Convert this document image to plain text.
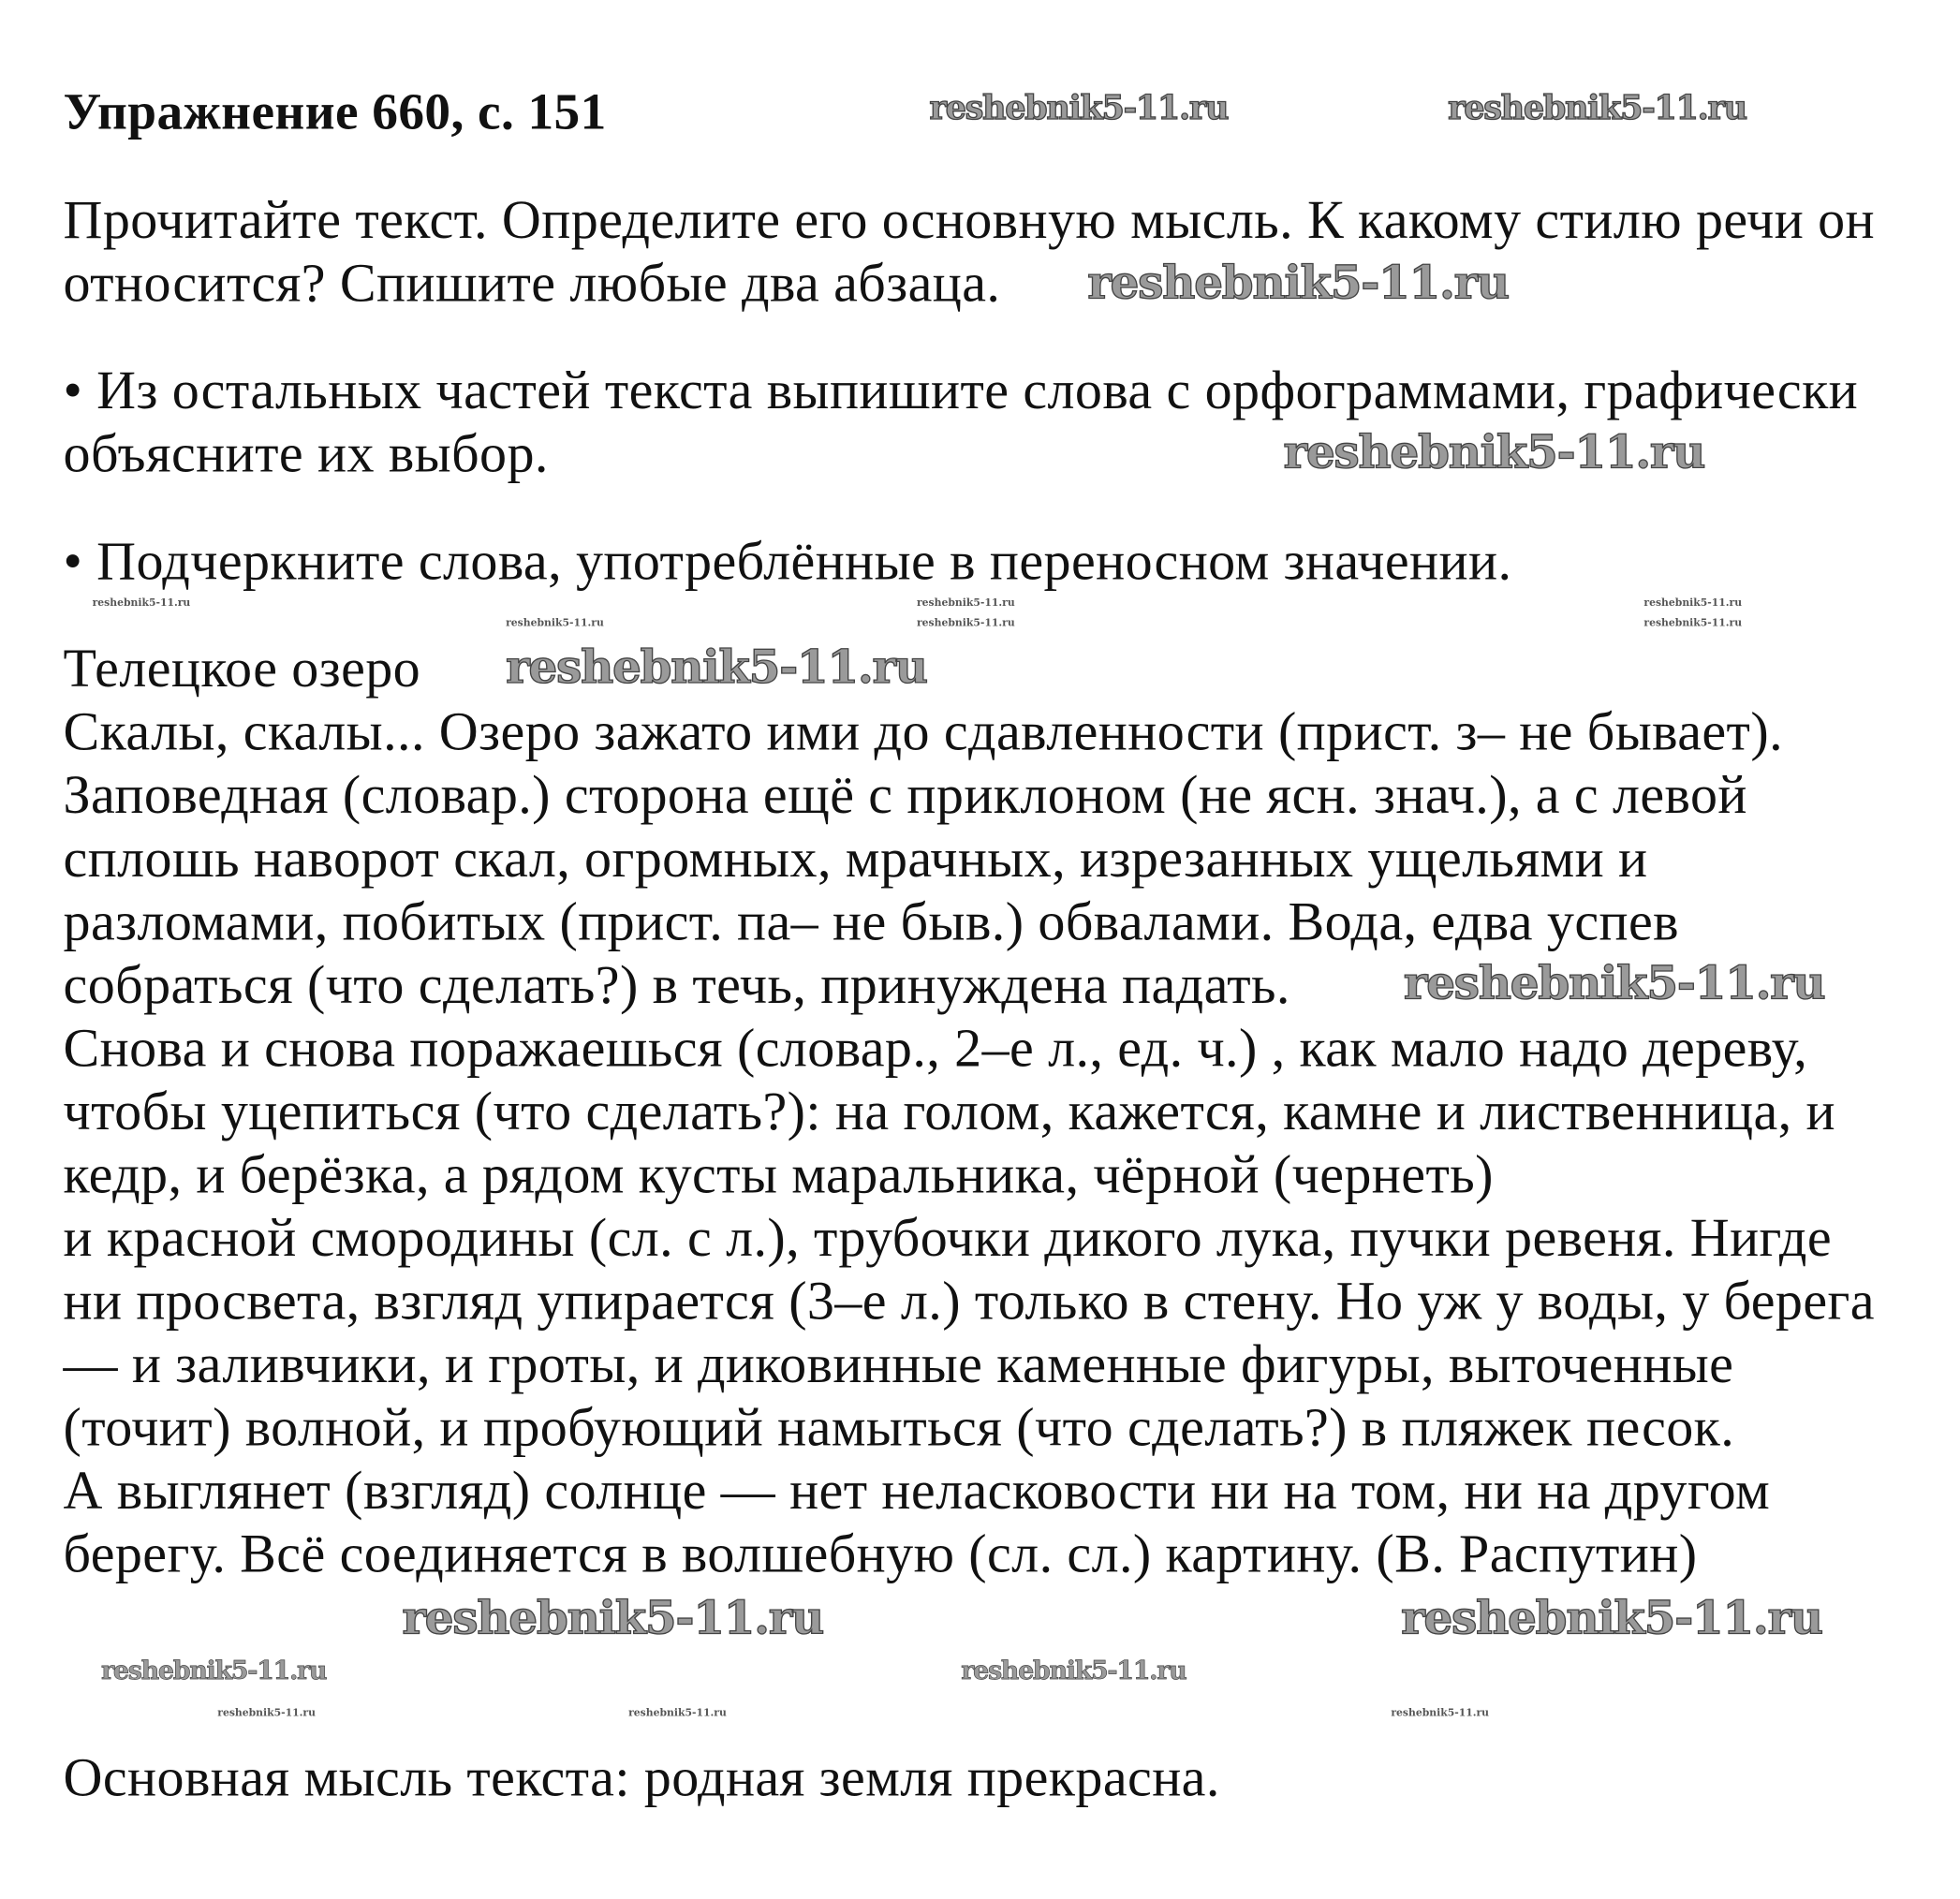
Упражнение 660, с. 151
Прочитайте текст. Определите его основную мысль. К какому стилю речи он
относится? Спишите любые два абзаца.
• Из остальных частей текста выпишите слова с орфограммами, графически
объясните их выбор.
• Подчеркните слова, употреблённые в переносном значении.
Телецкое озеро
Скалы, скалы... Озеро зажато ими до сдавленности (прист. з– не бывает).
Заповедная (словар.) сторона ещё с приклоном (не ясн. знач.), а с левой
сплошь наворот скал, огромных, мрачных, изрезанных ущельями и
разломами, побитых (прист. па– не быв.) обвалами. Вода, едва успев
собраться (что сделать?) в течь, принуждена падать.
Снова и снова поражаешься (словар., 2–е л., ед. ч.) , как мало надо дереву,
чтобы уцепиться (что сделать?): на голом, кажется, камне и лиственница, и
кедр, и берёзка, а рядом кусты маральника, чёрной (чернеть)
и красной смородины (сл. с л.), трубочки дикого лука, пучки ревеня. Нигде
ни просвета, взгляд упирается (3–е л.) только в стену. Но уж у воды, у берега
— и заливчики, и гроты, и диковинные каменные фигуры, выточенные
(точит) волной, и пробующий намыться (что сделать?) в пляжек песок.
А выглянет (взгляд) солнце — нет неласковости ни на том, ни на другом
берегу. Всё соединяется в волшебную (сл. сл.) картину. (В. Распутин)
Основная мысль текста: родная земля прекрасна.
reshebnik5-11.ru	reshebnik5-11.ru
reshebnik5-11.ru
reshebnik5-11.ru
reshebnik5-11.ru
reshebnik5-11.ru
reshebnik5-11.ru	reshebnik5-11.ru
reshebnik5-11.ru
reshebnik5-11.ru
reshebnik5-11.ru
reshebnik5-11.ru
reshebnik5-11.ru
reshebnik5-11.ru
reshebnik5-11.ru
reshebnik5-11.ru
reshebnik5-11.ru	reshebnik5-11.ru	reshebnik5-11.ru
